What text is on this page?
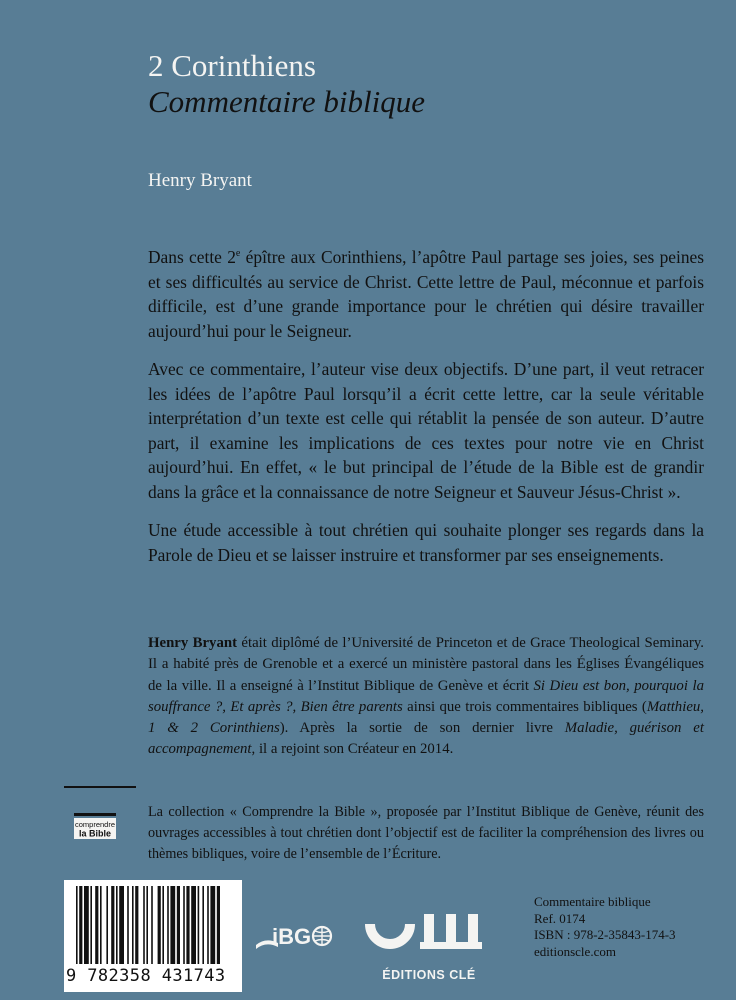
2 Corinthiens
Commentaire biblique
Henry Bryant

Dans cette 2e épître aux Corinthiens, l’apôtre Paul partage ses joies, ses peines et ses difficultés au service de Christ. Cette lettre de Paul, méconnue et parfois difficile, est d’une grande importance pour le chrétien qui désire travailler aujourd’hui pour le Seigneur.

Avec ce commentaire, l’auteur vise deux objectifs. D’une part, il veut retracer les idées de l’apôtre Paul lorsqu’il a écrit cette lettre, car la seule véritable interprétation d’un texte est celle qui rétablit la pensée de son auteur. D’autre part, il examine les implications de ces textes pour notre vie en Christ aujourd’hui. En effet, « le but principal de l’étude de la Bible est de grandir dans la grâce et la connaissance de notre Seigneur et Sauveur Jésus-Christ ».

Une étude accessible à tout chrétien qui souhaite plonger ses regards dans la Parole de Dieu et se laisser instruire et transformer par ses enseignements.

Henry Bryant était diplômé de l’Université de Princeton et de Grace Theological Seminary. Il a habité près de Grenoble et a exercé un ministère pastoral dans les Églises Évangéliques de la ville. Il a enseigné à l’Institut Biblique de Genève et écrit Si Dieu est bon, pourquoi la souffrance ?, Et après ?, Bien être parents ainsi que trois commentaires bibliques (Matthieu, 1 & 2 Corinthiens). Après la sortie de son dernier livre Maladie, guérison et accompagnement, il a rejoint son Créateur en 2014.
comprendre
la Bible
La collection « Comprendre la Bible », proposée par l’Institut Biblique de Genève, réunit des ouvrages accessibles à tout chrétien dont l’objectif est de faciliter la compréhension des livres ou thèmes bibliques, voire de l’ensemble de l’Écriture.
9 782358 431743
iBG
ÉDITIONS CLÉ
Commentaire biblique
Ref. 0174
ISBN : 978-2-35843-174-3
editionscle.com
